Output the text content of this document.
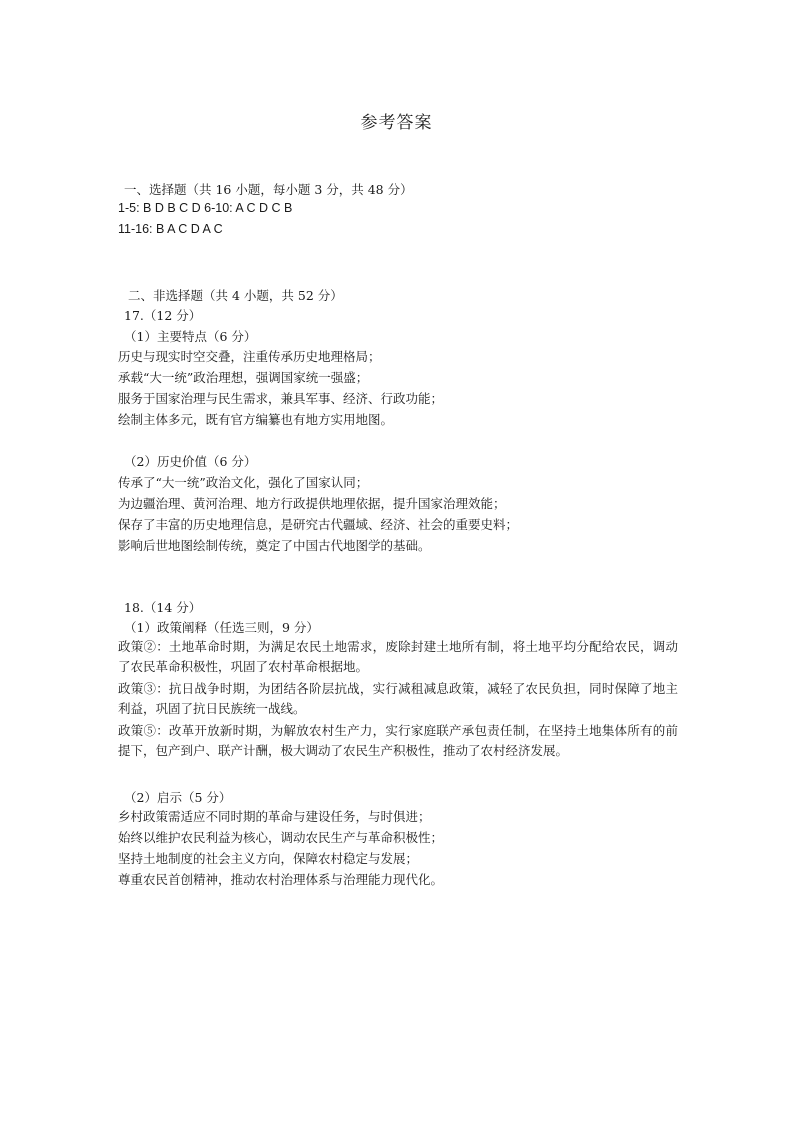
参考答案
一、选择题（共 16 小题，每小题 3 分，共 48 分）
1-5: B D B C D 6-10: A C D C B
11-16: B A C D A C
二、非选择题（共 4 小题，共 52 分）
17.（12 分）
（1）主要特点（6 分）
历史与现实时空交叠，注重传承历史地理格局；
承载“大一统”政治理想，强调国家统一强盛；
服务于国家治理与民生需求，兼具军事、经济、行政功能；
绘制主体多元，既有官方编纂也有地方实用地图。
（2）历史价值（6 分）
传承了“大一统”政治文化，强化了国家认同；
为边疆治理、黄河治理、地方行政提供地理依据，提升国家治理效能；
保存了丰富的历史地理信息，是研究古代疆域、经济、社会的重要史料；
影响后世地图绘制传统，奠定了中国古代地图学的基础。
18.（14 分）
（1）政策阐释（任选三则，9 分）
政策②：土地革命时期，为满足农民土地需求，废除封建土地所有制，将土地平均分配给农民，调动了农民革命积极性，巩固了农村革命根据地。
政策③：抗日战争时期，为团结各阶层抗战，实行减租减息政策，减轻了农民负担，同时保障了地主利益，巩固了抗日民族统一战线。
政策⑤：改革开放新时期，为解放农村生产力，实行家庭联产承包责任制，在坚持土地集体所有的前提下，包产到户、联产计酬，极大调动了农民生产积极性，推动了农村经济发展。
（2）启示（5 分）
乡村政策需适应不同时期的革命与建设任务，与时俱进；
始终以维护农民利益为核心，调动农民生产与革命积极性；
坚持土地制度的社会主义方向，保障农村稳定与发展；
尊重农民首创精神，推动农村治理体系与治理能力现代化。
